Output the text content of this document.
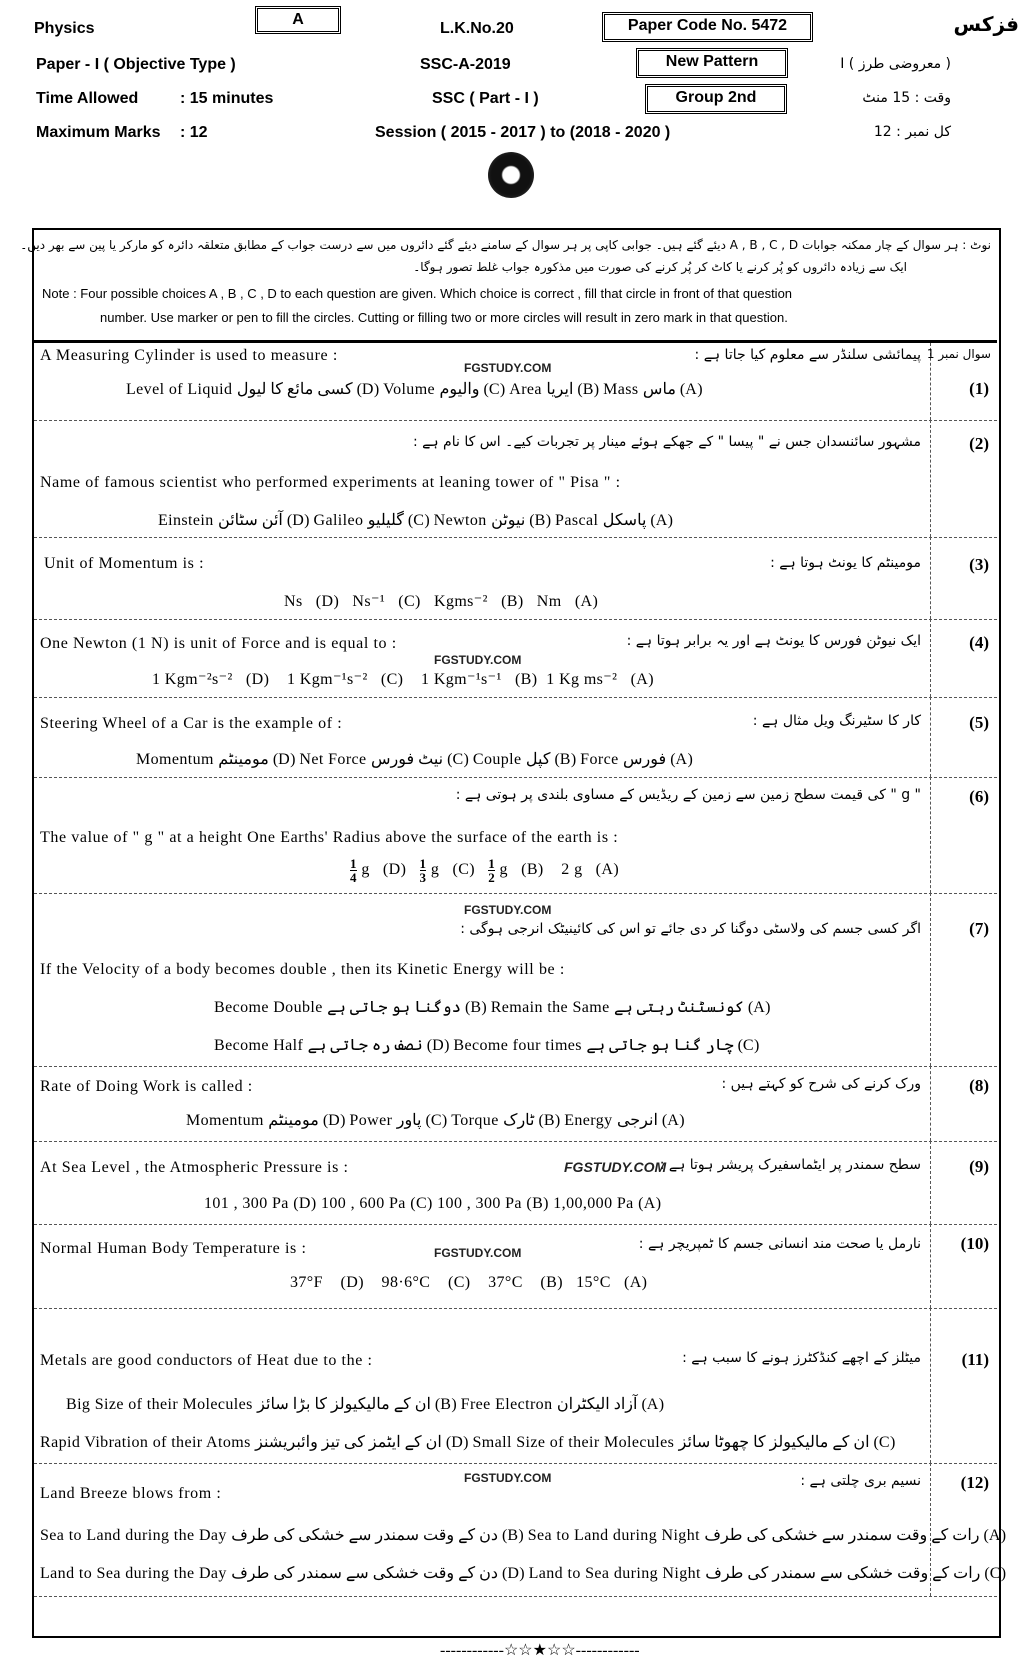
Physics
A
L.K.No.20	Paper Code No. 5472	فزکس
Paper - I ( Objective Type )	SSC-A-2019	New Pattern	( معروضی طرز ) I
Time Allowed	: 15 minutes	SSC ( Part - I )	Group 2nd	وقت : 15 منٹ
Maximum Marks : 12	Session ( 2015 - 2017 ) to (2018 - 2020 )	کل نمبر : 12
نوٹ : ہر سوال کے چار ممکنہ جوابات A , B , C , D دیئے گئے ہیں۔ جوابی کاپی پر ہر سوال کے سامنے دیئے گئے دائروں میں سے درست جواب کے مطابق متعلقہ دائرہ کو مارکر یا پین سے بھر دیں۔
ایک سے زیادہ دائروں کو پُر کرنے یا کاٹ کر پُر کرنے کی صورت میں مذکورہ جواب غلط تصور ہوگا۔
Note : Four possible choices A , B , C , D to each question are given. Which choice is correct , fill that circle in front of that question
number. Use marker or pen to fill the circles. Cutting or filling two or more circles will result in zero mark in that question.
A Measuring Cylinder is used to measure :	پیمائشی سلنڈر سے معلوم کیا جاتا ہے :
FGSTUDY.COM
Level of Liquid کسی مائع کا لیول (D) Volume والیوم (C) Area ایریا (B) Mass ماس (A)
سوال نمبر 1
(1)
مشہور سائنسدان جس نے " پیسا " کے جھکے ہوئے مینار پر تجربات کیے۔ اس کا نام ہے :
Name of famous scientist who performed experiments at leaning tower of " Pisa " :
Einstein آئن سٹائن (D) Galileo گلیلیو (C) Newton نیوٹن (B) Pascal پاسکل (A)
(2)
Unit of Momentum is :	مومینٹم کا یونٹ ہوتا ہے :
Ns (D) Ns⁻¹ (C) Kgms⁻² (B) Nm (A)
(3)
One Newton (1 N) is unit of Force and is equal to :	ایک نیوٹن فورس کا یونٹ ہے اور یہ برابر ہوتا ہے :
FGSTUDY.COM
1 Kgm⁻²s⁻² (D) 1 Kgm⁻¹s⁻² (C) 1 Kgm⁻¹s⁻¹ (B) 1 Kg ms⁻² (A)
(4)
Steering Wheel of a Car is the example of :	کار کا سٹیرنگ ویل مثال ہے :
Momentum مومینٹم (D) Net Force نیٹ فورس (C) Couple کپل (B) Force فورس (A)
(5)
" g " کی قیمت سطح زمین سے زمین کے ریڈیس کے مساوی بلندی پر ہوتی ہے :
The value of " g " at a height One Earths' Radius above the surface of the earth is :
$\frac{1}{4}$ g $(D) \frac{1}{3}$ g $(C) \frac{1}{2}$ g (B) 2 g (A)
(6)
FGSTUDY.COM
اگر کسی جسم کی ولاسٹی دوگنا کر دی جائے تو اس کی کائینیٹک انرجی ہوگی :
If the Velocity of a body becomes double , then its Kinetic Energy will be :
Become Double دوگنا ہو جاتی ہے (B) Remain the Same کونسٹنٹ رہتی ہے (A)
Become Half نصف رہ جاتی ہے (D) Become four times چار گنا ہو جاتی ہے (C)
(7)
Rate of Doing Work is called :	ورک کرنے کی شرح کو کہتے ہیں :
Momentum مومینٹم (D) Power پاور (C) Torque ٹارک (B) Energy انرجی (A)
(8)
At Sea Level , the Atmospheric Pressure is :	FGSTUDY.COM
سطح سمندر پر ایٹماسفیرک پریشر ہوتا ہے :
101 , 300 Pa (D) 100 , 600 Pa (C) 100 , 300 Pa (B) 1,00,000 Pa (A)
(9)
Normal Human Body Temperature is :	FGSTUDY.COM
نارمل یا صحت مند انسانی جسم کا ٹمپریچر ہے :
37°F (D) 98·6°C (C) 37°C (B) 15°C (A)
(10)
Metals are good conductors of Heat due to the :	میٹلز کے اچھے کنڈکٹرز ہونے کا سبب ہے :
Big Size of their Molecules ان کے مالیکیولز کا بڑا سائز (B) Free Electron آزاد الیکٹران (A)
Rapid Vibration of their Atoms ان کے ایٹمز کی تیز وائبریشنز (D) Small Size of their Molecules ان کے مالیکیولز کا چھوٹا سائز (C)
(11)
FGSTUDY.COM
Land Breeze blows from :
نسیم بری چلتی ہے :
Sea to Land during the Day دن کے وقت سمندر سے خشکی کی طرف (B) Sea to Land during Night رات کے وقت سمندر سے خشکی کی طرف (A)
Land to Sea during the Day دن کے وقت خشکی سے سمندر کی طرف (D) Land to Sea during Night رات کے وقت خشکی سے سمندر کی طرف (C)
(12)
------------☆☆★☆☆------------
